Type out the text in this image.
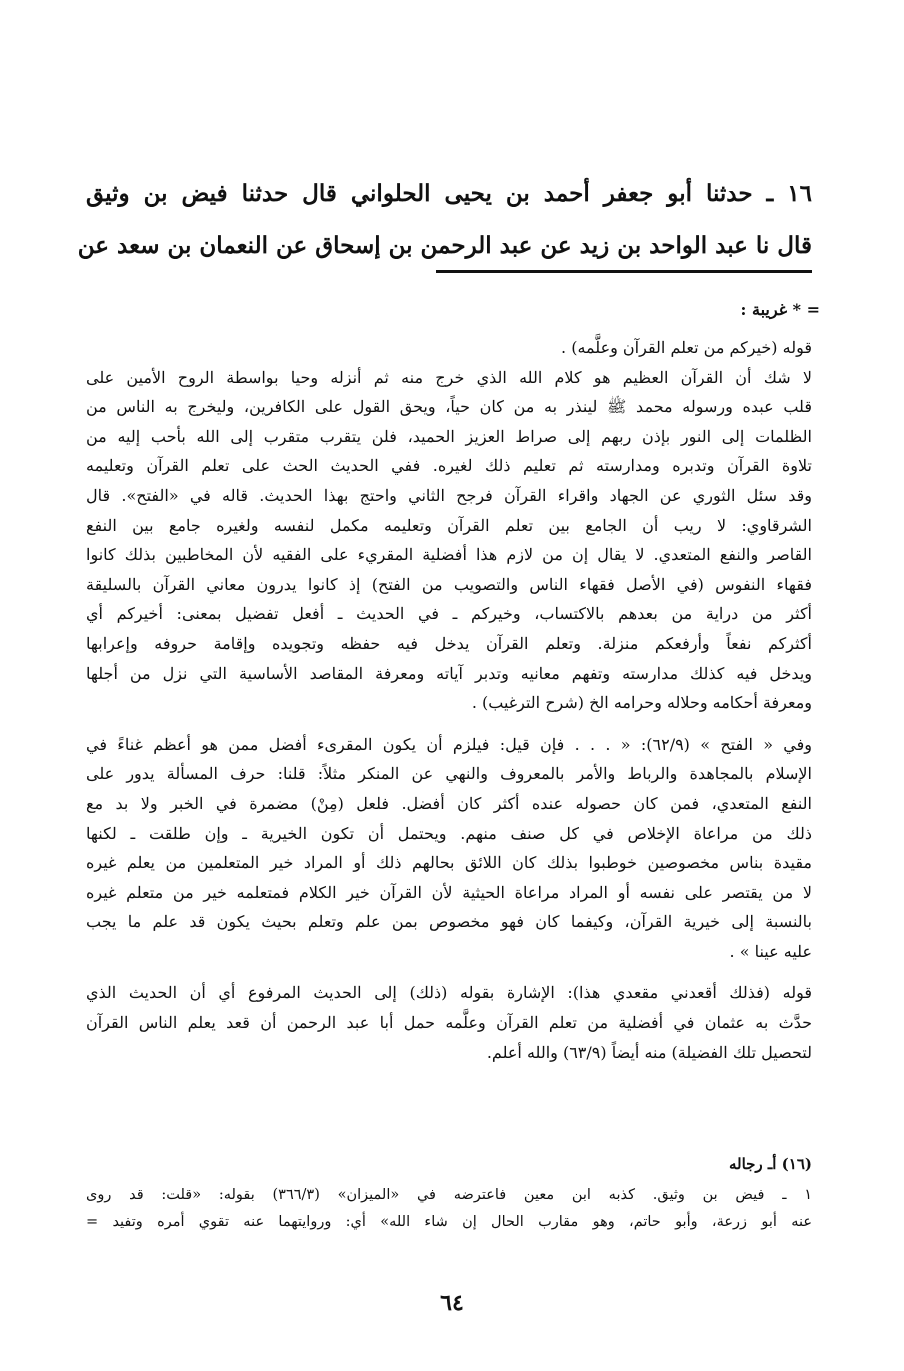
١٦ ـ حدثنا أبو جعفر أحمد بن يحيى الحلواني قال حدثنا فيض بن وثيق
قال نا عبد الواحد بن زيد عن عبد الرحمن بن إسحاق عن النعمان بن سعد عن
= * غريبة :
قوله (خيركم من تعلم القرآن وعلَّمه) .
لا شك أن القرآن العظيم هو كلام الله الذي خرج منه ثم أنزله وحيا بواسطة الروح الأمين على
قلب عبده ورسوله محمد ﷺ لينذر به من كان حياً، ويحق القول على الكافرين، وليخرج به الناس من
الظلمات إلى النور بإذن ربهم إلى صراط العزيز الحميد، فلن يتقرب متقرب إلى الله بأحب إليه من
تلاوة القرآن وتدبره ومدارسته ثم تعليم ذلك لغيره. ففي الحديث الحث على تعلم القرآن وتعليمه
وقد سئل الثوري عن الجهاد واقراء القرآن فرجح الثاني واحتج بهذا الحديث. قاله في «الفتح». قال
الشرقاوي: لا ريب أن الجامع بين تعلم القرآن وتعليمه مكمل لنفسه ولغيره جامع بين النفع
القاصر والنفع المتعدي. لا يقال إن من لازم هذا أفضلية المقريء على الفقيه لأن المخاطبين بذلك كانوا
فقهاء النفوس (في الأصل فقهاء الناس والتصويب من الفتح) إذ كانوا يدرون معاني القرآن بالسليقة
أكثر من دراية من بعدهم بالاكتساب، وخيركم ـ في الحديث ـ أفعل تفضيل بمعنى: أخيركم أي
أكثركم نفعاً وأرفعكم منزلة. وتعلم القرآن يدخل فيه حفظه وتجويده وإقامة حروفه وإعرابها
ويدخل فيه كذلك مدارسته وتفهم معانيه وتدبر آياته ومعرفة المقاصد الأساسية التي نزل من أجلها
ومعرفة أحكامه وحلاله وحرامه الخ (شرح الترغيب) .
وفي « الفتح » (٦٢/٩): « . . . فإن قيل: فيلزم أن يكون المقرىء أفضل ممن هو أعظم غناءً في
الإسلام بالمجاهدة والرباط والأمر بالمعروف والنهي عن المنكر مثلاً: قلنا: حرف المسألة يدور على
النفع المتعدي، فمن كان حصوله عنده أكثر كان أفضل. فلعل (مِنْ) مضمرة في الخبر ولا بد مع
ذلك من مراعاة الإخلاص في كل صنف منهم. ويحتمل أن تكون الخيرية ـ وإن طلقت ـ لكنها
مقيدة بناس مخصوصين خوطبوا بذلك كان اللائق بحالهم ذلك أو المراد خير المتعلمين من يعلم غيره
لا من يقتصر على نفسه أو المراد مراعاة الحيثية لأن القرآن خير الكلام فمتعلمه خير من متعلم غيره
بالنسبة إلى خيرية القرآن، وكيفما كان فهو مخصوص بمن علم وتعلم بحيث يكون قد علم ما يجب
عليه عينا » .
قوله (فذلك أقعدني مقعدي هذا): الإشارة بقوله (ذلك) إلى الحديث المرفوع أي أن الحديث الذي
حدَّث به عثمان في أفضلية من تعلم القرآن وعلَّمه حمل أبا عبد الرحمن أن قعد يعلم الناس القرآن
لتحصيل تلك الفضيلة) منه أيضاً (٦٣/٩) والله أعلم.
(١٦) أـ رجاله
١ ـ فيض بن وثيق. كذبه ابن معين فاعترضه في «الميزان» (٣٦٦/٣) بقوله: «قلت: قد روى
عنه أبو زرعة، وأبو حاتم، وهو مقارب الحال إن شاء الله» أي: وروايتهما عنه تقوي أمره وتفيد =
٦٤
